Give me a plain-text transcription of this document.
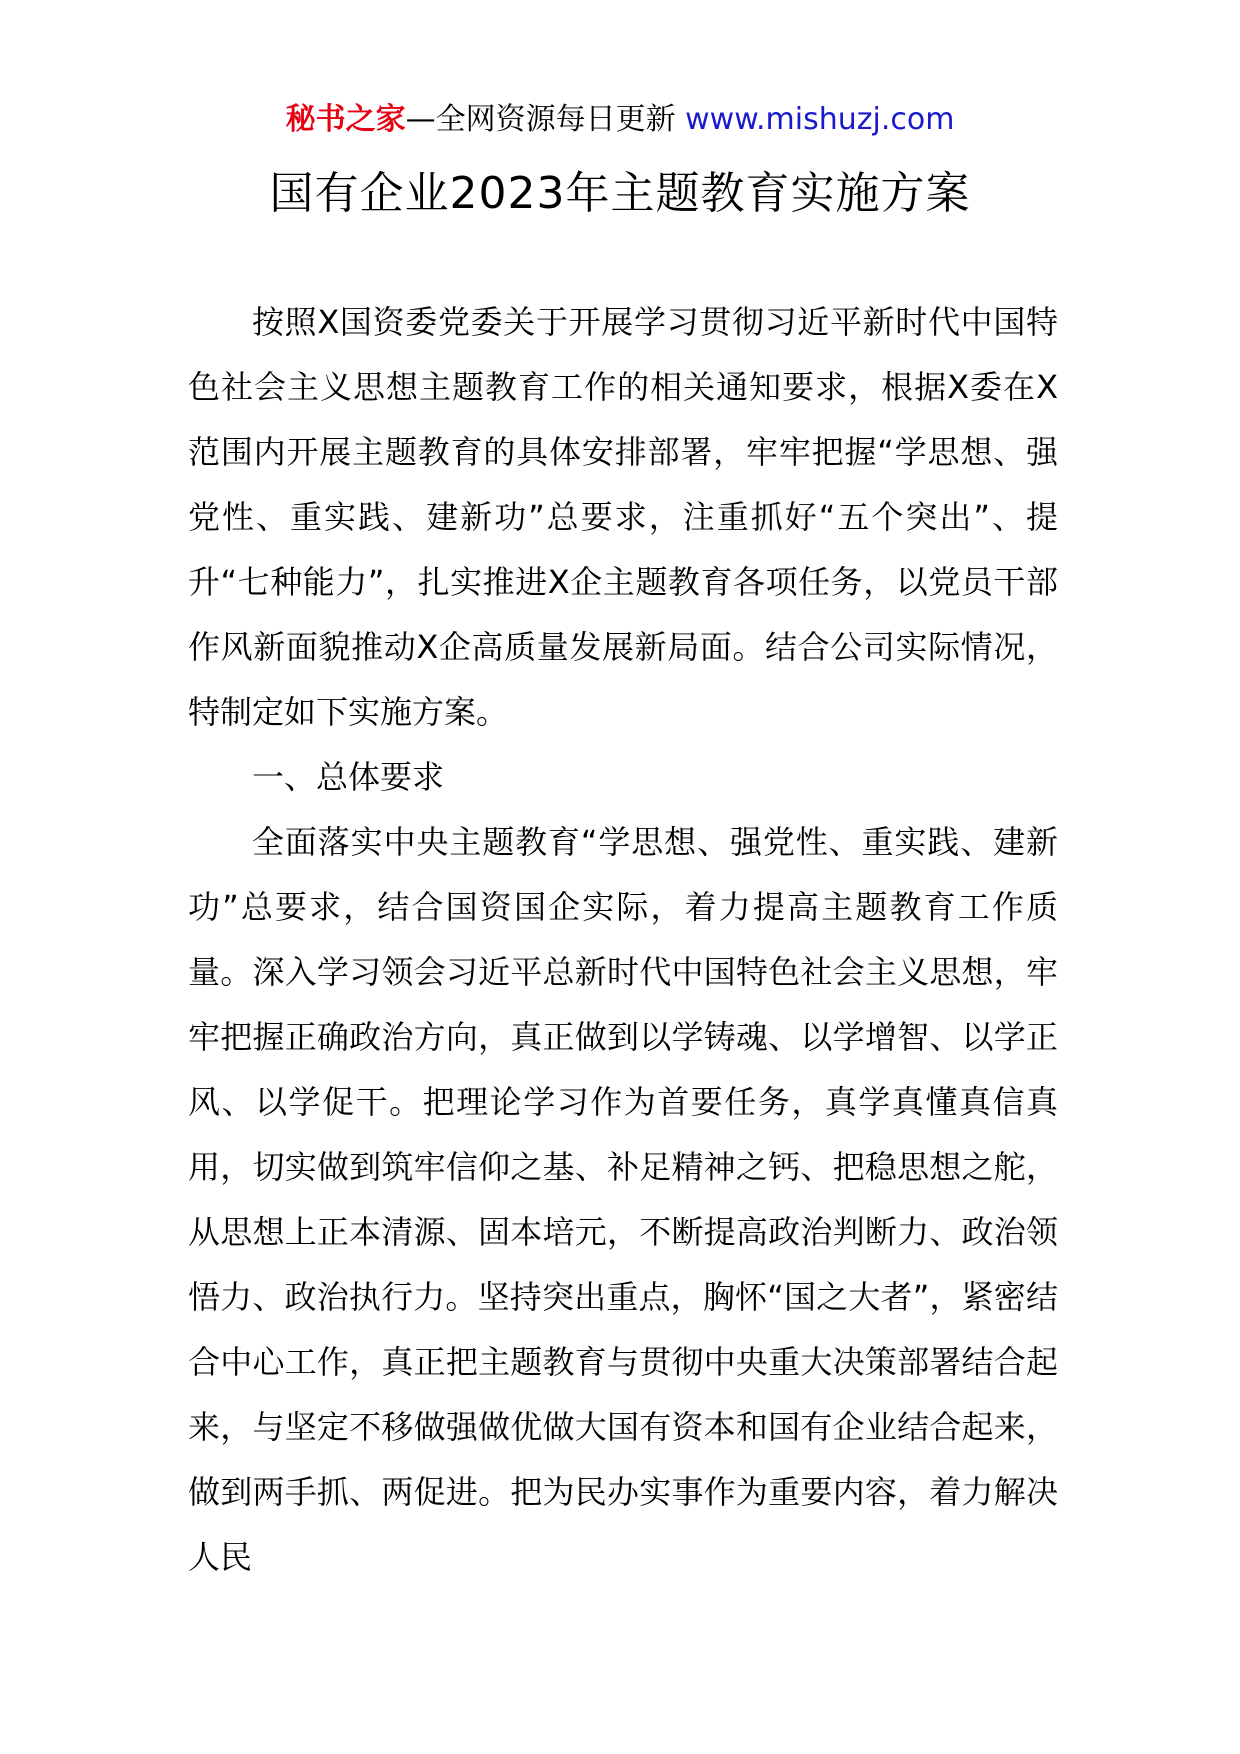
秘书之家—全网资源每日更新 www.mishuzj.com
国有企业2023年主题教育实施方案

按照X国资委党委关于开展学习贯彻习近平新时代中国特色社会主义思想主题教育工作的相关通知要求，根据X委在X范围内开展主题教育的具体安排部署，牢牢把握“学思想、强党性、重实践、建新功”总要求，注重抓好“五个突出”、提升“七种能力”，扎实推进X企主题教育各项任务，以党员干部作风新面貌推动X企高质量发展新局面。结合公司实际情况，特制定如下实施方案。

一、总体要求

全面落实中央主题教育“学思想、强党性、重实践、建新功”总要求，结合国资国企实际，着力提高主题教育工作质量。深入学习领会习近平总新时代中国特色社会主义思想，牢牢把握正确政治方向，真正做到以学铸魂、以学增智、以学正风、以学促干。把理论学习作为首要任务，真学真懂真信真用，切实做到筑牢信仰之基、补足精神之钙、把稳思想之舵，从思想上正本清源、固本培元，不断提高政治判断力、政治领悟力、政治执行力。坚持突出重点，胸怀“国之大者”，紧密结合中心工作，真正把主题教育与贯彻中央重大决策部署结合起来，与坚定不移做强做优做大国有资本和国有企业结合起来，做到两手抓、两促进。把为民办实事作为重要内容，着力解决人民
